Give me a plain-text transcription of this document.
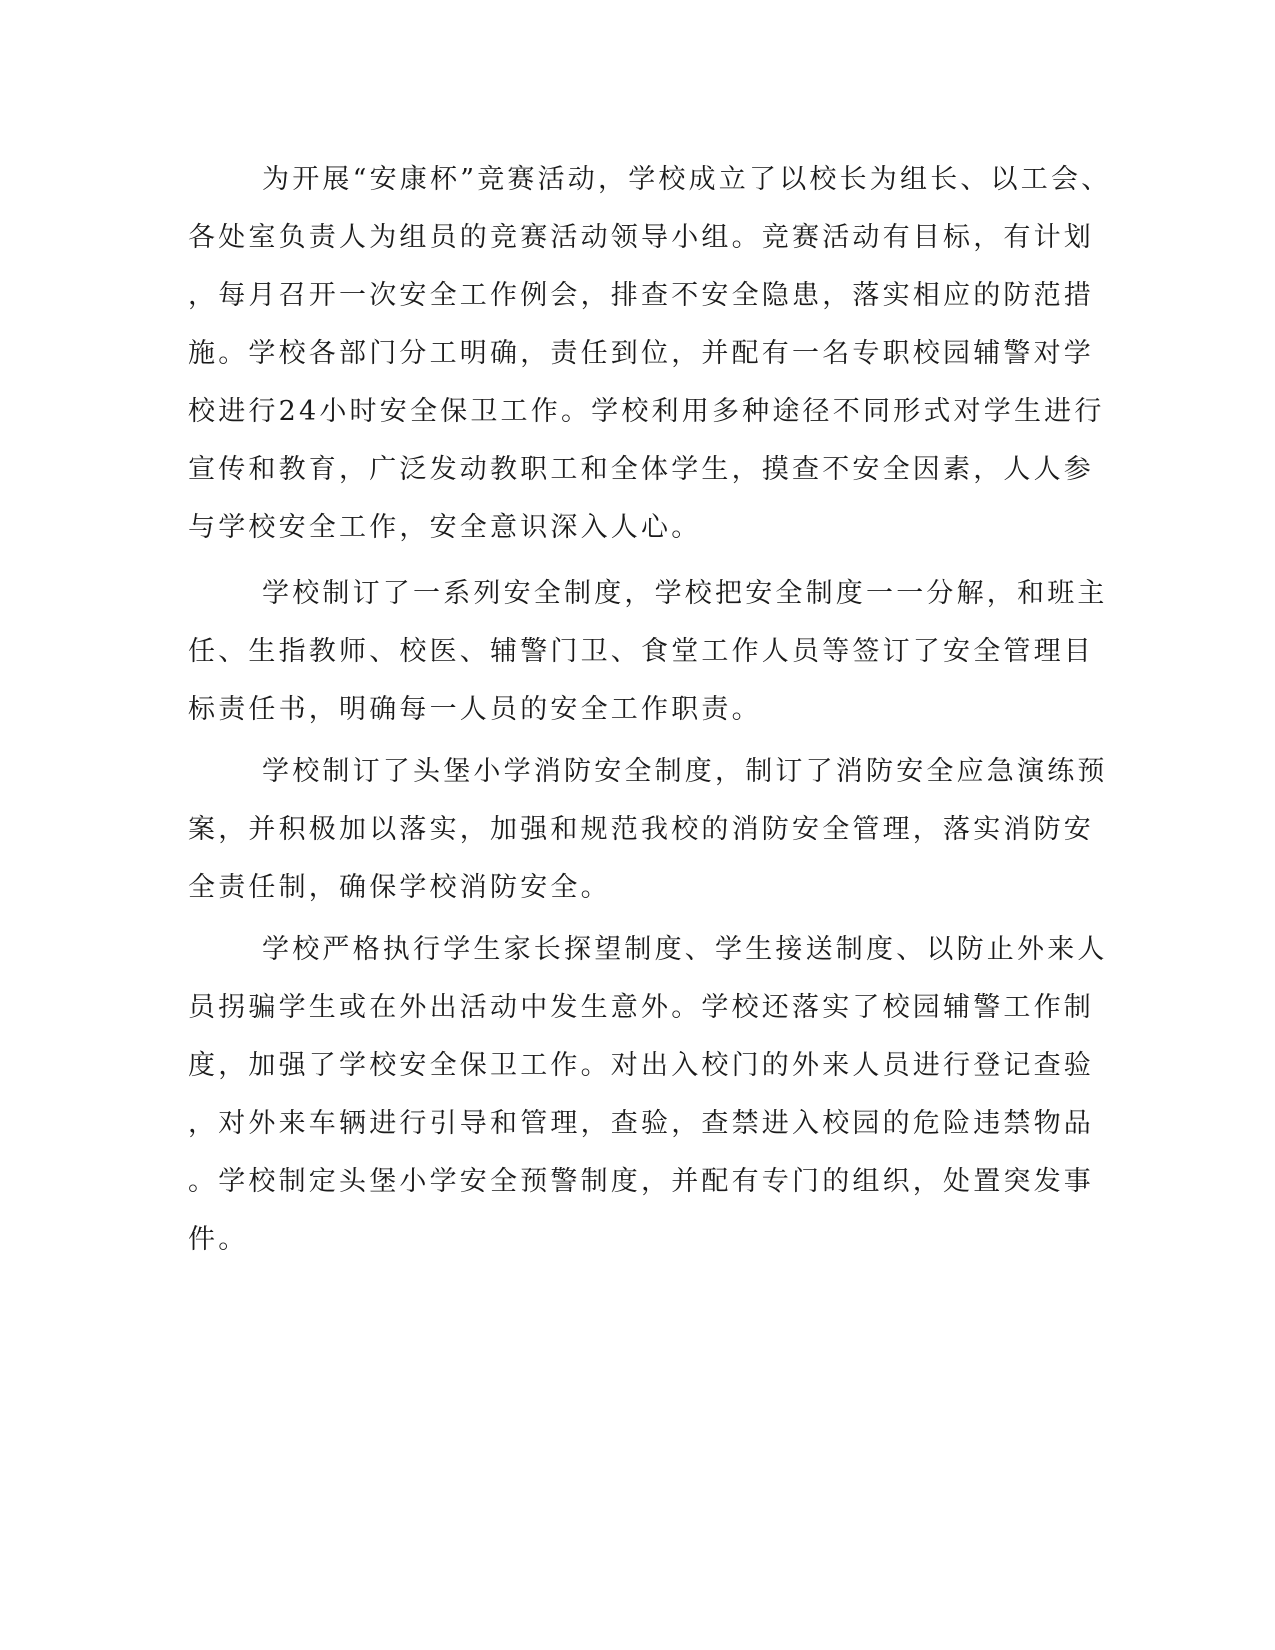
为开展“安康杯”竞赛活动，学校成立了以校长为组长、以工会、
各处室负责人为组员的竞赛活动领导小组。竞赛活动有目标，有计划
，每月召开一次安全工作例会，排查不安全隐患，落实相应的防范措
施。学校各部门分工明确，责任到位，并配有一名专职校园辅警对学
校进行24小时安全保卫工作。学校利用多种途径不同形式对学生进行
宣传和教育，广泛发动教职工和全体学生，摸查不安全因素，人人参
与学校安全工作，安全意识深入人心。
学校制订了一系列安全制度，学校把安全制度一一分解，和班主
任、生指教师、校医、辅警门卫、食堂工作人员等签订了安全管理目
标责任书，明确每一人员的安全工作职责。
学校制订了头堡小学消防安全制度，制订了消防安全应急演练预
案，并积极加以落实，加强和规范我校的消防安全管理，落实消防安
全责任制，确保学校消防安全。
学校严格执行学生家长探望制度、学生接送制度、以防止外来人
员拐骗学生或在外出活动中发生意外。学校还落实了校园辅警工作制
度，加强了学校安全保卫工作。对出入校门的外来人员进行登记查验
，对外来车辆进行引导和管理，查验，查禁进入校园的危险违禁物品
。学校制定头堡小学安全预警制度，并配有专门的组织，处置突发事
件。
